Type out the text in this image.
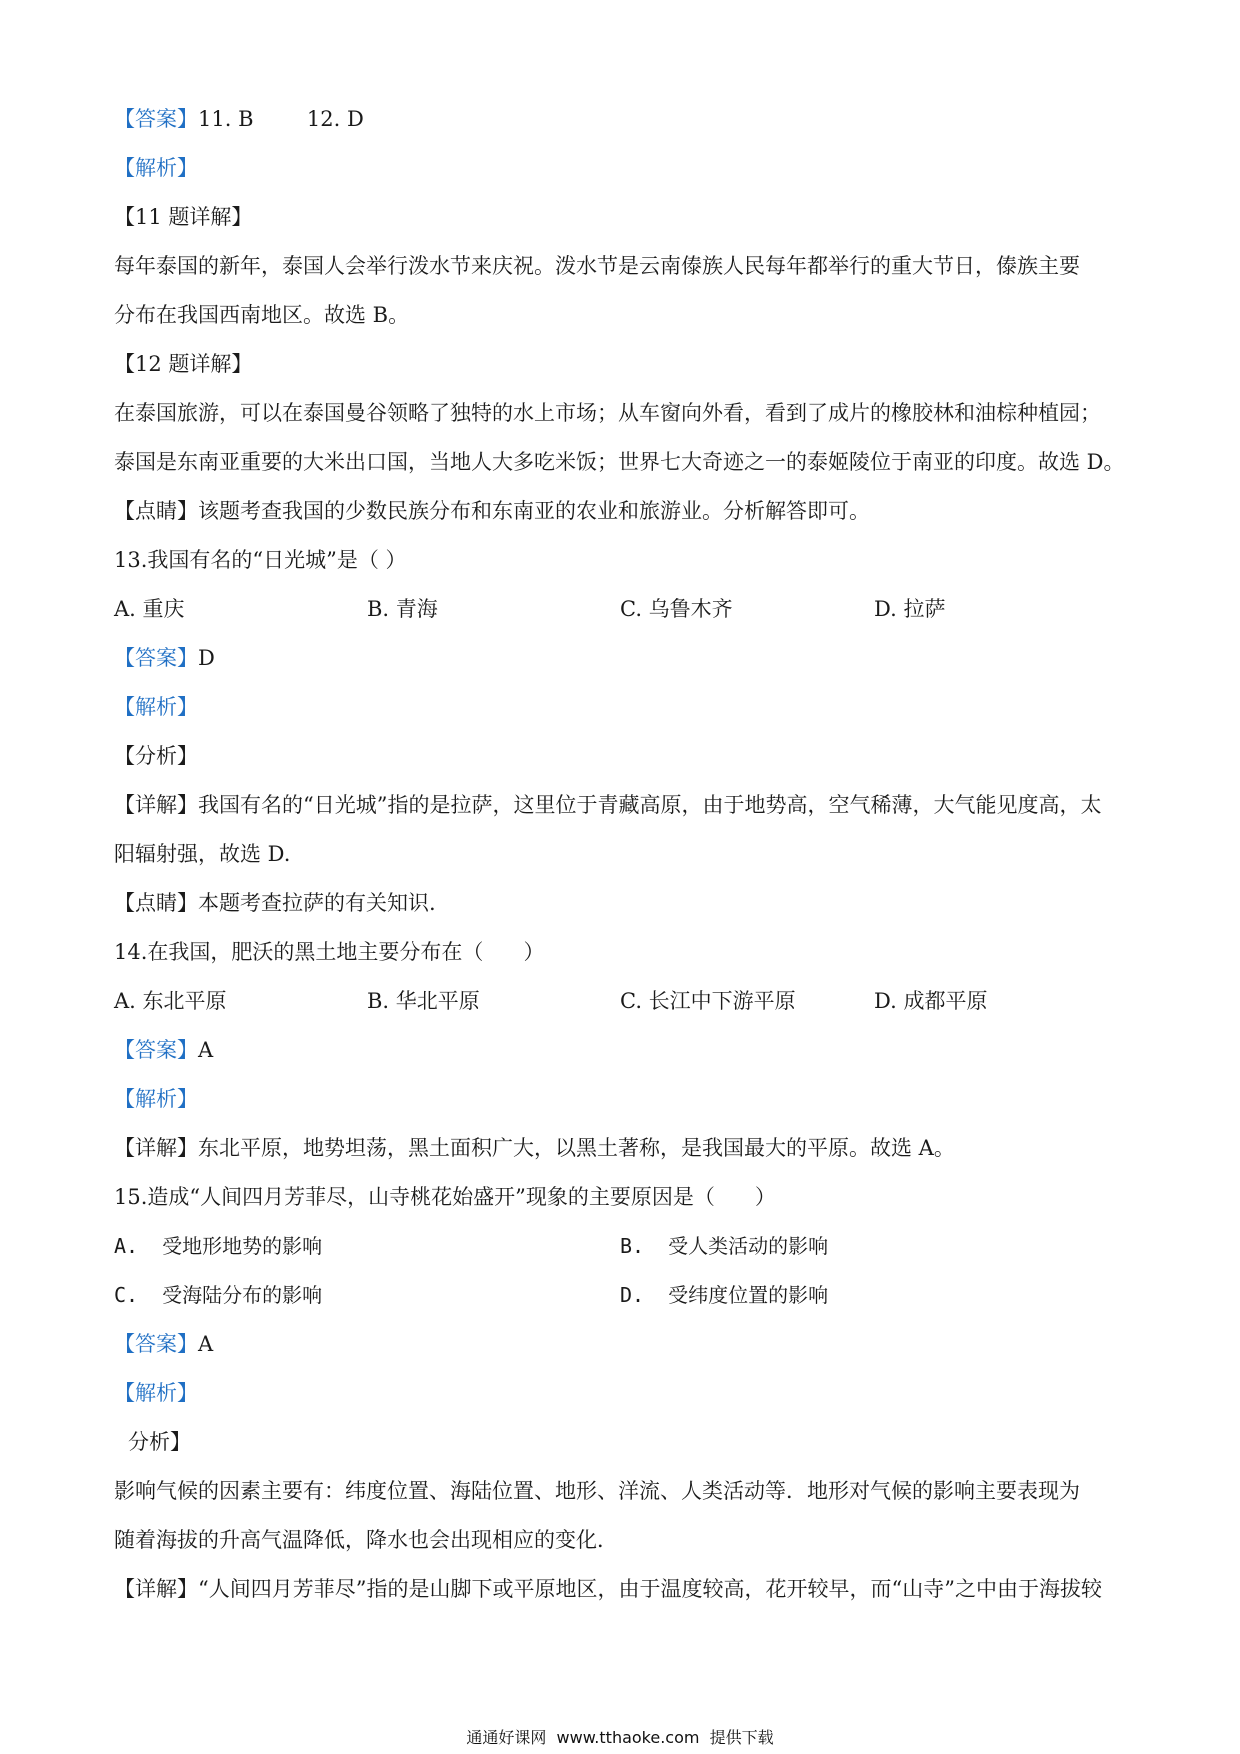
【答案】11. B        12. D
【解析】
【11 题详解】
每年泰国的新年，泰国人会举行泼水节来庆祝。泼水节是云南傣族人民每年都举行的重大节日，傣族主要
分布在我国西南地区。故选 B。
【12 题详解】
在泰国旅游，可以在泰国曼谷领略了独特的水上市场；从车窗向外看，看到了成片的橡胶林和油棕种植园；
泰国是东南亚重要的大米出口国，当地人大多吃米饭；世界七大奇迹之一的泰姬陵位于南亚的印度。故选 D。
【点睛】该题考查我国的少数民族分布和东南亚的农业和旅游业。分析解答即可。
13.我国有名的“日光城”是（ ）
A. 重庆	B. 青海	C. 乌鲁木齐	D. 拉萨
【答案】D
【解析】
【分析】
【详解】我国有名的“日光城”指的是拉萨，这里位于青藏高原，由于地势高，空气稀薄，大气能见度高，太
阳辐射强，故选 D.
【点睛】本题考查拉萨的有关知识.
14.在我国，肥沃的黑土地主要分布在（      ）
A. 东北平原	B. 华北平原	C. 长江中下游平原	D. 成都平原
【答案】A
【解析】
【详解】东北平原，地势坦荡，黑土面积广大，以黑土著称，是我国最大的平原。故选 A。
15.造成“人间四月芳菲尽，山寺桃花始盛开”现象的主要原因是（      ）
A.  受地形地势的影响	B.  受人类活动的影响
C.  受海陆分布的影响	D.  受纬度位置的影响
【答案】A
【解析】
分析】
影响气候的因素主要有：纬度位置、海陆位置、地形、洋流、人类活动等．地形对气候的影响主要表现为
随着海拔的升高气温降低，降水也会出现相应的变化．
【详解】“人间四月芳菲尽”指的是山脚下或平原地区，由于温度较高，花开较早，而“山寺”之中由于海拔较
通通好课网  www.tthaoke.com  提供下载
